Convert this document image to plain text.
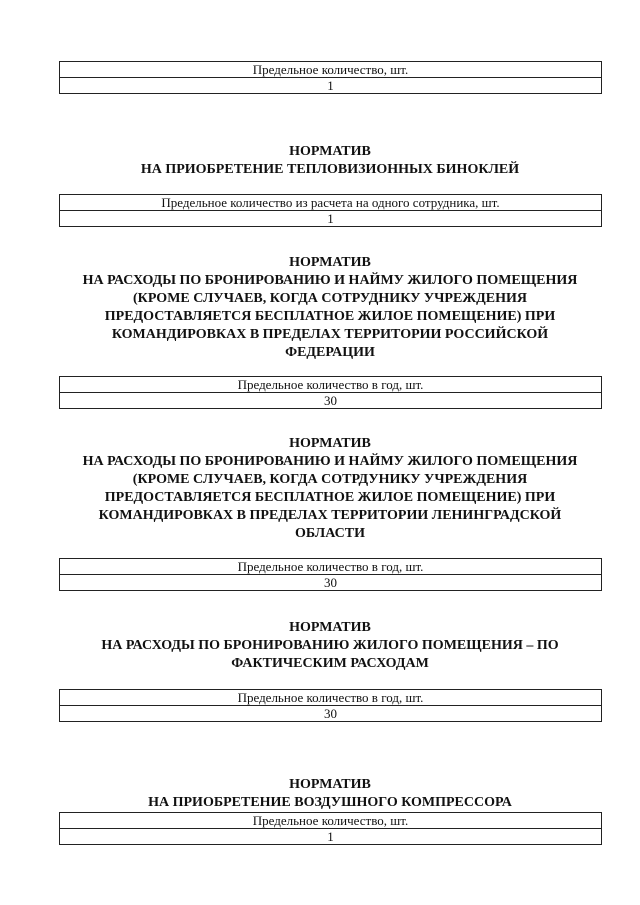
Предельное количество, шт.
1
НОРМАТИВ
НА ПРИОБРЕТЕНИЕ ТЕПЛОВИЗИОННЫХ БИНОКЛЕЙ
Предельное количество из расчета на одного сотрудника, шт.
1
НОРМАТИВ
НА РАСХОДЫ ПО БРОНИРОВАНИЮ И НАЙМУ ЖИЛОГО ПОМЕЩЕНИЯ
(КРОМЕ СЛУЧАЕВ, КОГДА СОТРУДНИКУ УЧРЕЖДЕНИЯ
ПРЕДОСТАВЛЯЕТСЯ БЕСПЛАТНОЕ ЖИЛОЕ ПОМЕЩЕНИЕ) ПРИ
КОМАНДИРОВКАХ В ПРЕДЕЛАХ ТЕРРИТОРИИ РОССИЙСКОЙ
ФЕДЕРАЦИИ
Предельное количество в год, шт.
30
НОРМАТИВ
НА РАСХОДЫ ПО БРОНИРОВАНИЮ И НАЙМУ ЖИЛОГО ПОМЕЩЕНИЯ
(КРОМЕ СЛУЧАЕВ, КОГДА СОТРДУНИКУ УЧРЕЖДЕНИЯ
ПРЕДОСТАВЛЯЕТСЯ БЕСПЛАТНОЕ ЖИЛОЕ ПОМЕЩЕНИЕ) ПРИ
КОМАНДИРОВКАХ В ПРЕДЕЛАХ ТЕРРИТОРИИ ЛЕНИНГРАДСКОЙ
ОБЛАСТИ
Предельное количество в год, шт.
30
НОРМАТИВ
НА РАСХОДЫ ПО БРОНИРОВАНИЮ ЖИЛОГО ПОМЕЩЕНИЯ – ПО
ФАКТИЧЕСКИМ РАСХОДАМ
Предельное количество в год, шт.
30
НОРМАТИВ
НА ПРИОБРЕТЕНИЕ ВОЗДУШНОГО КОМПРЕССОРА
Предельное количество, шт.
1
